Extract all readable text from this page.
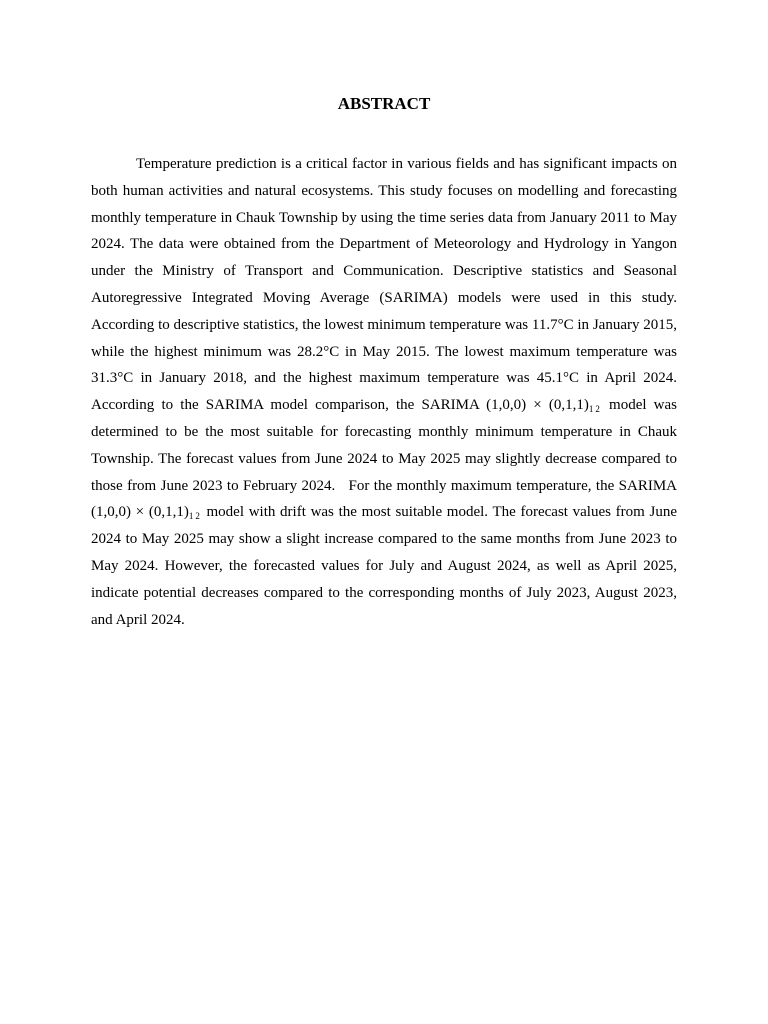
ABSTRACT

Temperature prediction is a critical factor in various fields and has significant impacts on both human activities and natural ecosystems. This study focuses on modelling and forecasting monthly temperature in Chauk Township by using the time series data from January 2011 to May 2024. The data were obtained from the Department of Meteorology and Hydrology in Yangon under the Ministry of Transport and Communication. Descriptive statistics and Seasonal Autoregressive Integrated Moving Average (SARIMA) models were used in this study. According to descriptive statistics, the lowest minimum temperature was 11.7°C in January 2015, while the highest minimum was 28.2°C in May 2015. The lowest maximum temperature was 31.3°C in January 2018, and the highest maximum temperature was 45.1°C in April 2024. According to the SARIMA model comparison, the SARIMA $(1,0,0) \times (0,1,1)_{12}$ model was determined to be the most suitable for forecasting monthly minimum temperature in Chauk Township. The forecast values from June 2024 to May 2025 may slightly decrease compared to those from June 2023 to February 2024.   For the monthly maximum temperature, the SARIMA $(1,0,0) \times (0,1,1)_{12}$ model with drift was the most suitable model. The forecast values from June 2024 to May 2025 may show a slight increase compared to the same months from June 2023 to May 2024. However, the forecasted values for July and August 2024, as well as April 2025, indicate potential decreases compared to the corresponding months of July 2023, August 2023, and April 2024.
